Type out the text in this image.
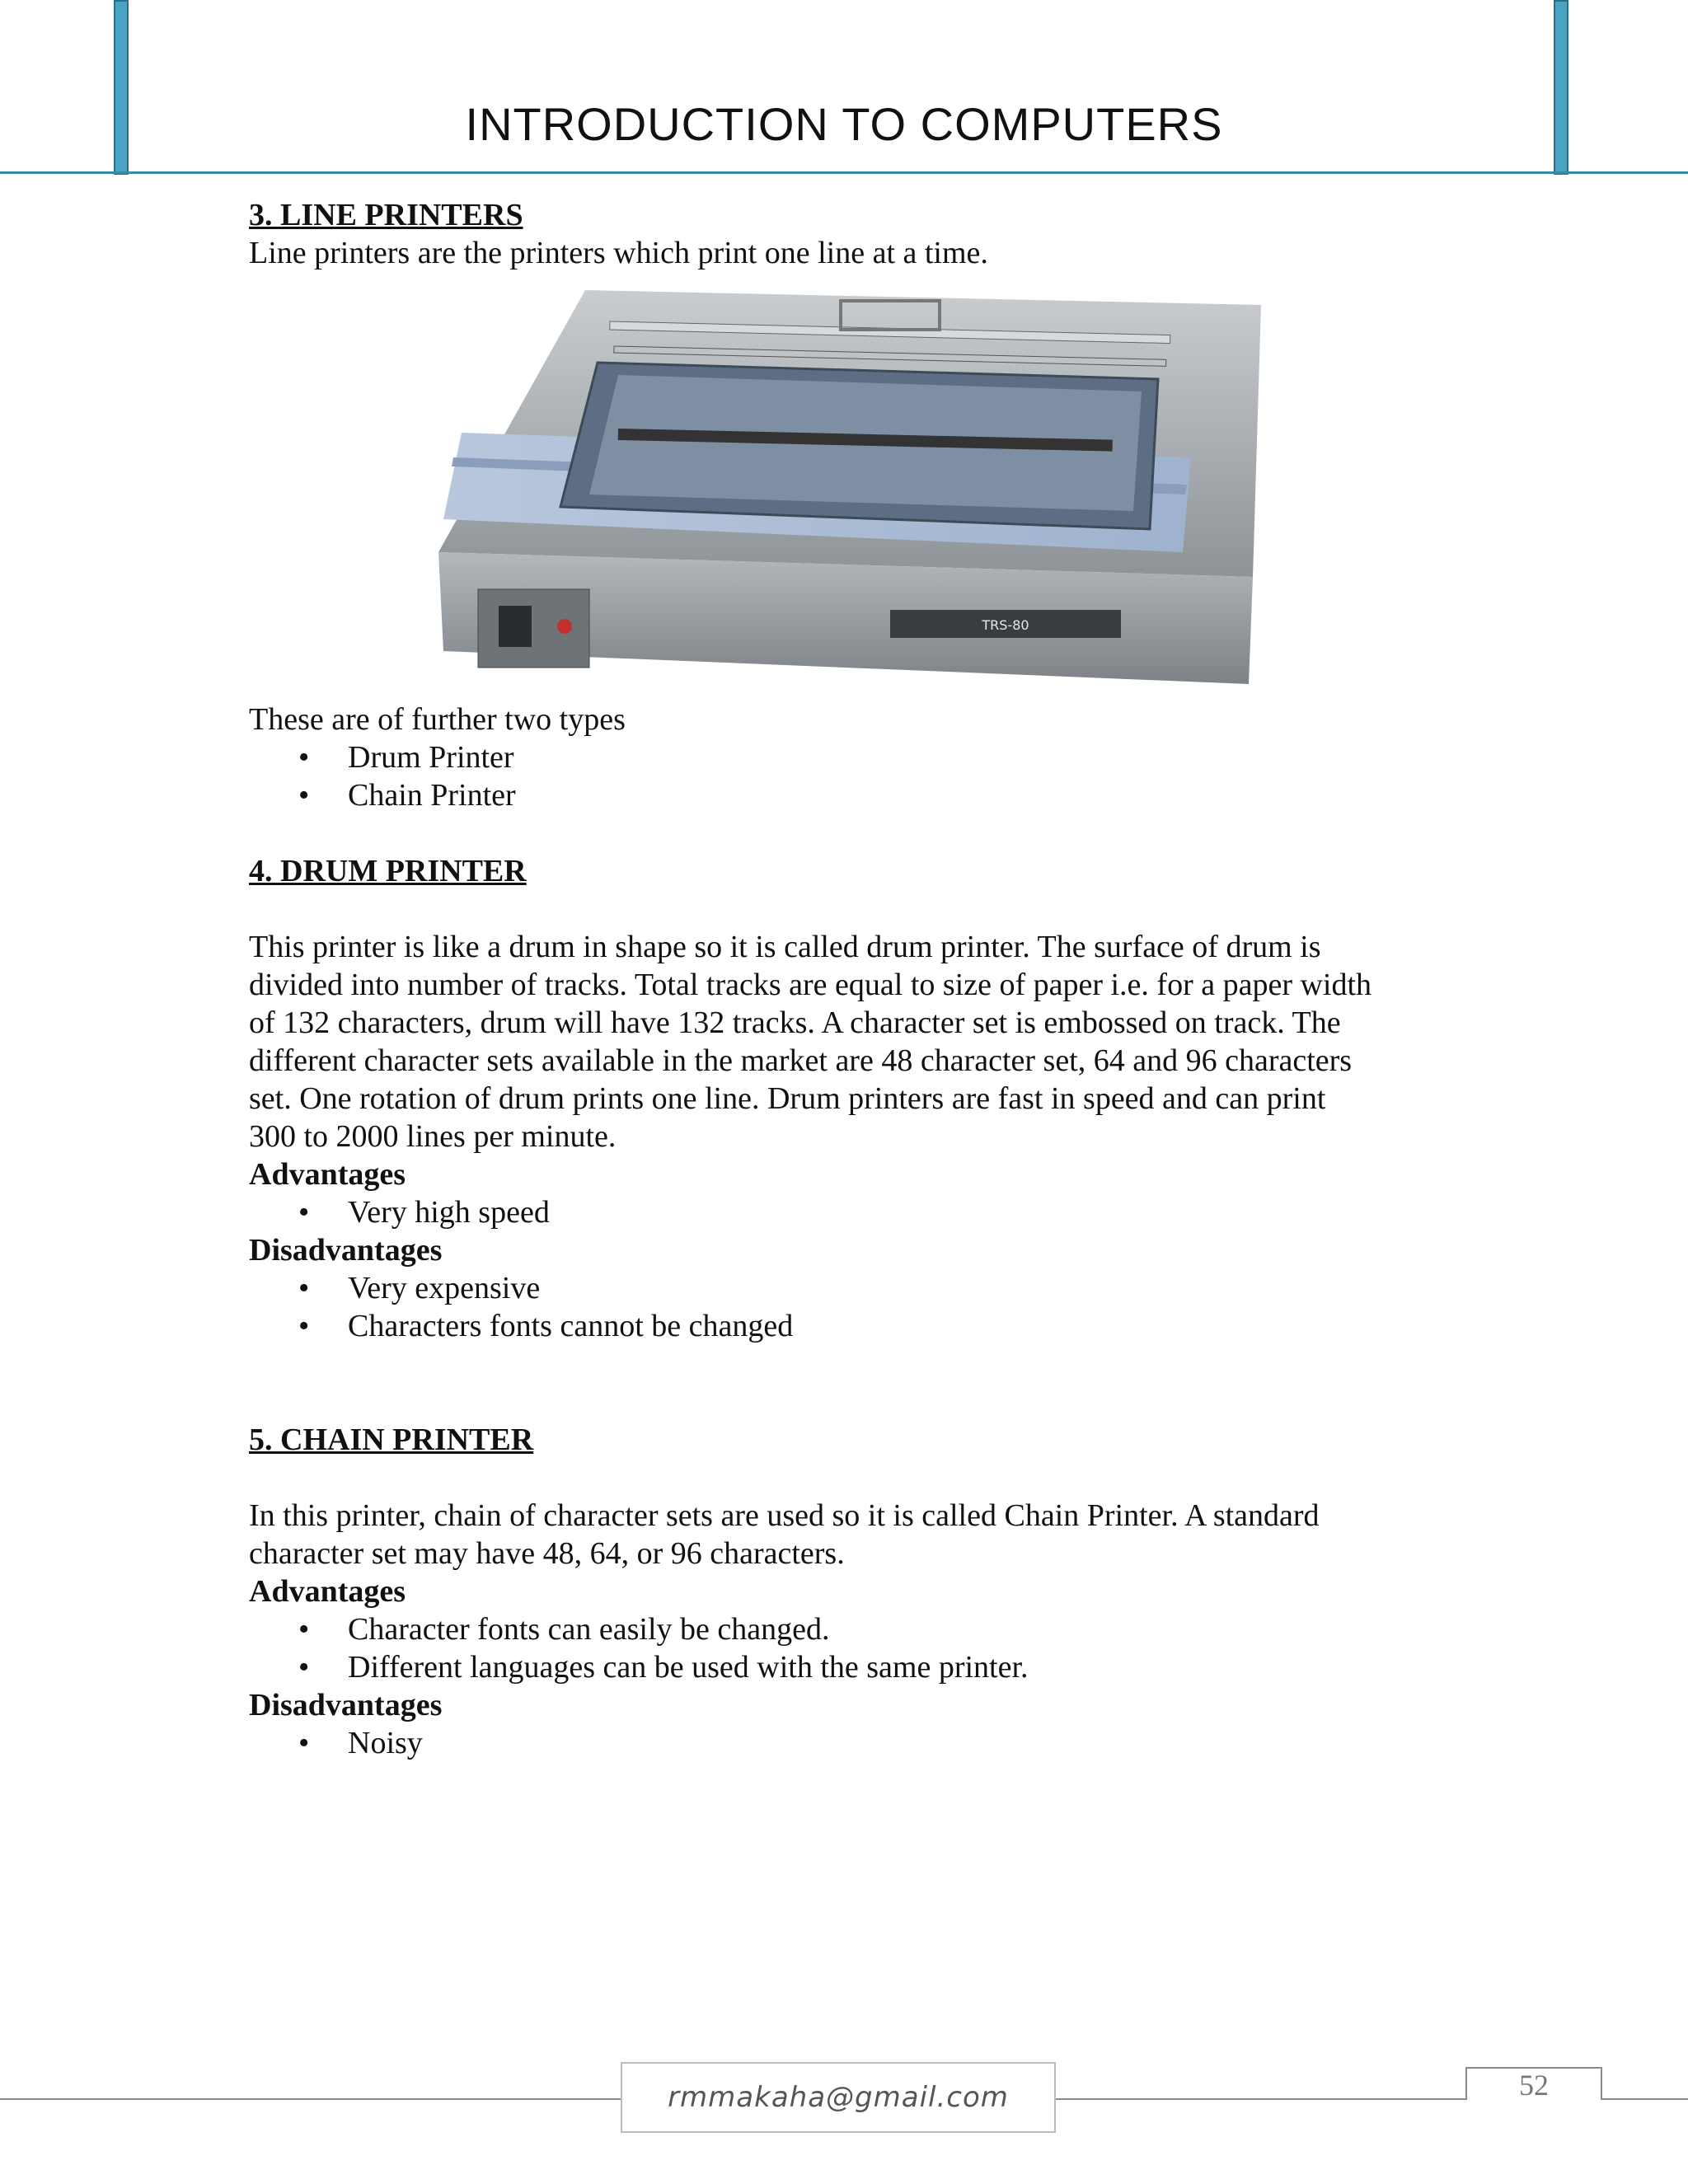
INTRODUCTION TO COMPUTERS

3. LINE PRINTERS

Line printers are the printers which print one line at a time.

TRS-80

These are of further two types

• Drum Printer
• Chain Printer

4. DRUM PRINTER

This printer is like a drum in shape so it is called drum printer. The surface of drum is

divided into number of tracks. Total tracks are equal to size of paper i.e. for a paper width

of 132 characters, drum will have 132 tracks. A character set is embossed on track. The

different character sets available in the market are 48 character set, 64 and 96 characters

set. One rotation of drum prints one line. Drum printers are fast in speed and can print

300 to 2000 lines per minute.

Advantages

• Very high speed

Disadvantages

• Very expensive
• Characters fonts cannot be changed

5. CHAIN PRINTER

In this printer, chain of character sets are used so it is called Chain Printer. A standard

character set may have 48, 64, or 96 characters.

Advantages

• Character fonts can easily be changed.
• Different languages can be used with the same printer.

Disadvantages

• Noisy
rmmakaha@gmail.com	52
